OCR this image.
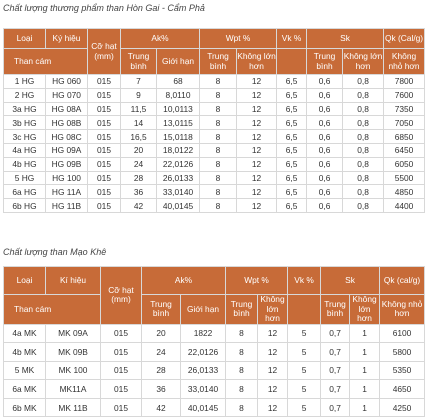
Chất lượng thương phẩm than Hòn Gai - Cẩm Phả
Loại	Ký hiệu	Cỡ hạt (mm)	Ak%		Wpt %		Vk %	Sk		Qk (Cal/g)
Than cám			Trung bình	Giới hạn	Trung bình	Không lớn hơn		Trung bình	Không lớn hơn	Không nhỏ hơn
1 HG	HG 060	015	7	68	8	12	6,5	0,6	0,8	7800
2 HG	HG 070	015	9	8,0110	8	12	6,5	0,6	0,8	7600
3a HG	HG 08A	015	11,5	10,0113	8	12	6,5	0,6	0,8	7350
3b HG	HG 08B	015	14	13,0115	8	12	6,5	0,6	0,8	7050
3c HG	HG 08C	015	16,5	15,0118	8	12	6,5	0,6	0,8	6850
4a HG	HG 09A	015	20	18,0122	8	12	6,5	0,6	0,8	6450
4b HG	HG 09B	015	24	22,0126	8	12	6,5	0,6	0,8	6050
5 HG	HG 100	015	28	26,0133	8	12	6,5	0,6	0,8	5500
6a HG	HG 11A	015	36	33,0140	8	12	6,5	0,6	0,8	4850
6b HG	HG 11B	015	42	40,0145	8	12	6,5	0,6	0,8	4400
Chất lượng than Mạo Khê
Loại	Kí hiệu	Cỡ hạt (mm)	Ak%		Wpt %		Vk %	Sk		Qk (cal/g)
Than cám			Trung bình	Giới hạn	Trung bình	Không lớn hơn		Trung bình	Không lớn hơn	Không nhỏ hơn
4a MK	MK 09A	015	20	1822	8	12	5	0,7	1	6100
4b MK	MK 09B	015	24	22,0126	8	12	5	0,7	1	5800
5 MK	MK 100	015	28	26,0133	8	12	5	0,7	1	5350
6a MK	MK11A	015	36	33,0140	8	12	5	0,7	1	4650
6b MK	MK 11B	015	42	40,0145	8	12	5	0,7	1	4250
